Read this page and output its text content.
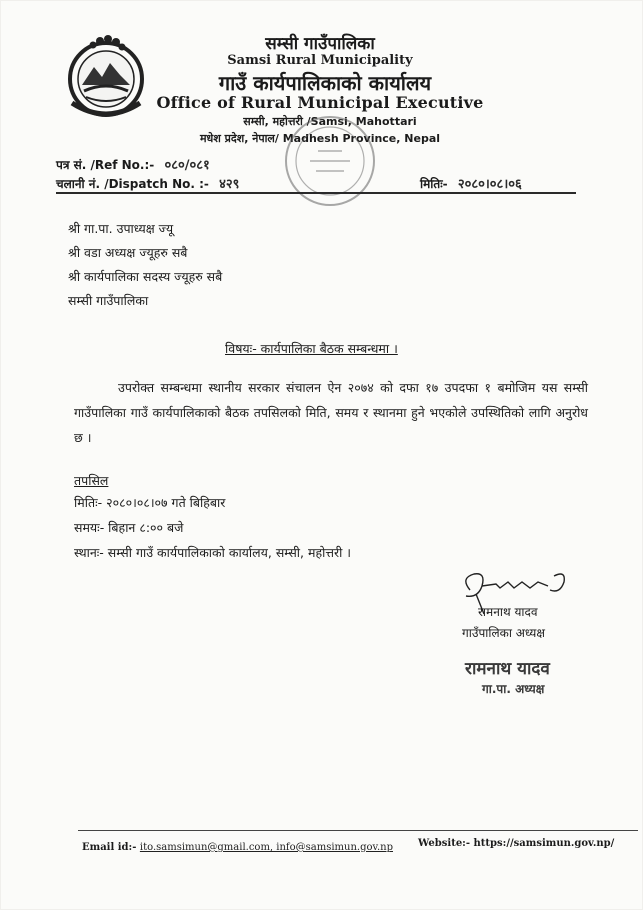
सम्सी गाउँपालिका
Samsi Rural Municipality
गाउँ कार्यपालिकाको कार्यालय
Office of Rural Municipal Executive
सम्सी, महोत्तरी /Samsi, Mahottari
मधेश प्रदेश, नेपाल/ Madhesh Province, Nepal
पत्र सं. /Ref No.:- ०८०/०८१
चलानी नं. /Dispatch No. :- ४२९	मितिः- २०८०।०८।०६
श्री गा.पा. उपाध्यक्ष ज्यू
श्री वडा अध्यक्ष ज्यूहरु सबै
श्री कार्यपालिका सदस्य ज्यूहरु सबै
सम्सी गाउँपालिका
विषयः- कार्यपालिका बैठक सम्बन्धमा ।
उपरोक्त सम्बन्धमा स्थानीय सरकार संचालन ऐन २०७४ को दफा १७ उपदफा १ बमोजिम यस सम्सी गाउँपालिका गाउँ कार्यपालिकाको बैठक तपसिलको मिति, समय र स्थानमा हुने भएकोले उपस्थितिको लागि अनुरोध छ ।
तपसिल
मितिः- २०८०।०८।०७ गते बिहिबार
समयः- बिहान ८:०० बजे
स्थानः- सम्सी गाउँ कार्यपालिकाको कार्यालय, सम्सी, महोत्तरी ।
रामनाथ यादव
गाउँपालिका अध्यक्ष
रामनाथ यादव
गा.पा. अध्यक्ष
Email id:- ito.samsimun@gmail.com, info@samsimun.gov.np	Website:- https://samsimun.gov.np/
